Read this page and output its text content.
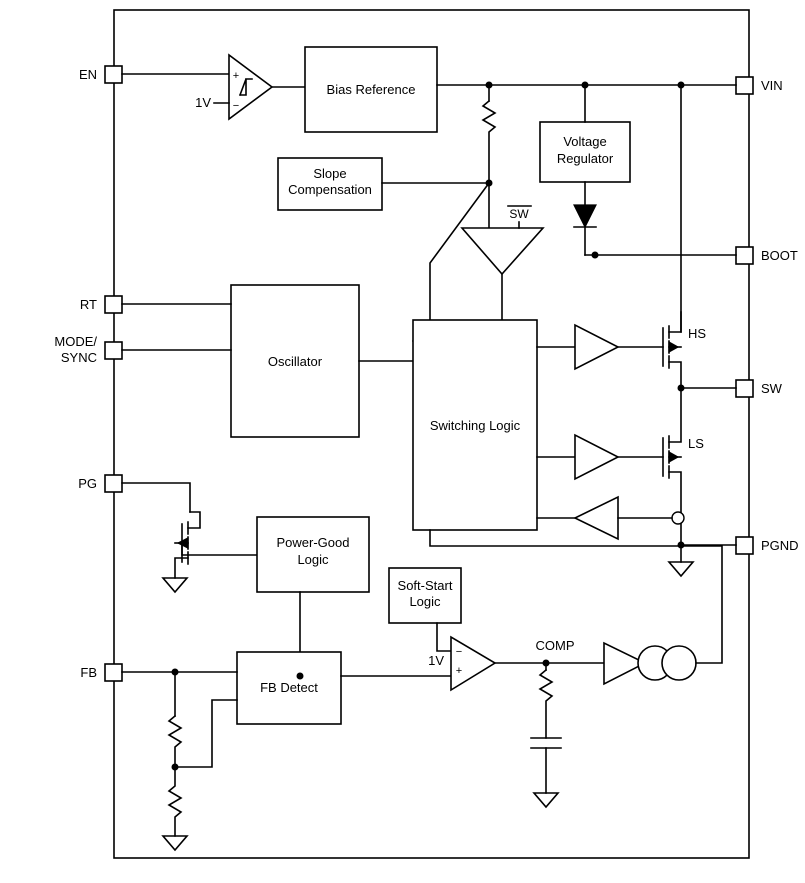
EN
RT
MODE/
SYNC
PG
FB
VIN
BOOT
SW
PGND
+
−
1V
Bias Reference
Voltage
Regulator
Slope
Compensation
SW
Oscillator
Switching Logic
HS
LS
Power-Good
Logic
Soft-Start
Logic
FB Detect
−
+
1V
COMP
